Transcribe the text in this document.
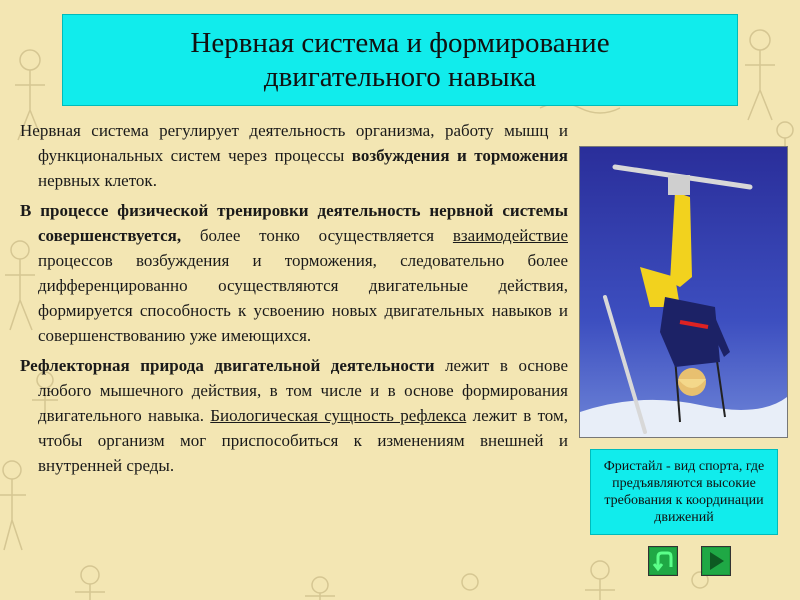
Нервная система и формирование
двигательного навыка

Нервная система регулирует деятельность организма, работу мышц и функциональных систем через процессы возбуждения и торможения нервных клеток.

В процессе физической тренировки деятельность нервной системы совершенствуется, более тонко осуществляется взаимодействие процессов возбуждения и торможения, следовательно более дифференцированно осуществляются двигательные действия, формируется способность к усвоению новых двигательных навыков и совершенствованию уже имеющихся.

Рефлекторная природа двигательной деятельности лежит в основе любого мышечного действия, в том числе и в основе формирования двигательного навыка. Биологическая сущность рефлекса лежит в том, чтобы организм мог приспособиться к изменениям внешней и внутренней среды.	Фристайл - вид спорта, где предъявляются высокие требования к координации движений
